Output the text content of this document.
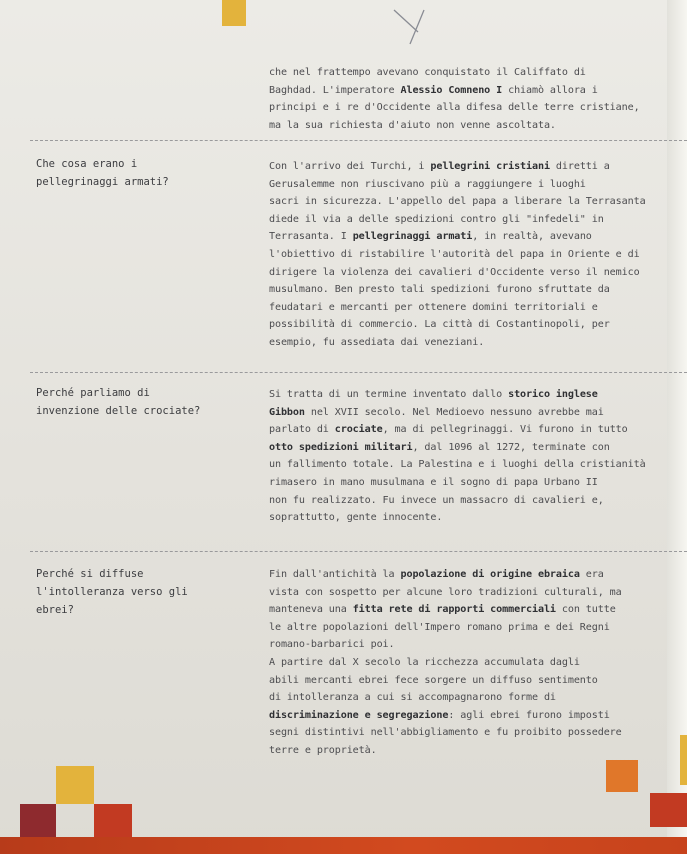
che nel frattempo avevano conquistato il Califfato di

Baghdad. L'imperatore Alessio Comneno I chiamò allora i

principi e i re d'Occidente alla difesa delle terre cristiane,

ma la sua richiesta d'aiuto non venne ascoltata.

Che cosa erano i
pellegrinaggi armati?

Con l'arrivo dei Turchi, i pellegrini cristiani diretti a

Gerusalemme non riuscivano più a raggiungere i luoghi

sacri in sicurezza. L'appello del papa a liberare la Terrasanta

diede il via a delle spedizioni contro gli "infedeli" in

Terrasanta. I pellegrinaggi armati, in realtà, avevano

l'obiettivo di ristabilire l'autorità del papa in Oriente e di

dirigere la violenza dei cavalieri d'Occidente verso il nemico

musulmano. Ben presto tali spedizioni furono sfruttate da

feudatari e mercanti per ottenere domini territoriali e

possibilità di commercio. La città di Costantinopoli, per

esempio, fu assediata dai veneziani.

Perché parliamo di
invenzione delle crociate?

Si tratta di un termine inventato dallo storico inglese

Gibbon nel XVII secolo. Nel Medioevo nessuno avrebbe mai

parlato di crociate, ma di pellegrinaggi. Vi furono in tutto

otto spedizioni militari, dal 1096 al 1272, terminate con

un fallimento totale. La Palestina e i luoghi della cristianità

rimasero in mano musulmana e il sogno di papa Urbano II

non fu realizzato. Fu invece un massacro di cavalieri e,

soprattutto, gente innocente.

Perché si diffuse
l'intolleranza verso gli
ebrei?

Fin dall'antichità la popolazione di origine ebraica era

vista con sospetto per alcune loro tradizioni culturali, ma

manteneva una fitta rete di rapporti commerciali con tutte

le altre popolazioni dell'Impero romano prima e dei Regni

romano-barbarici poi.

A partire dal X secolo la ricchezza accumulata dagli

abili mercanti ebrei fece sorgere un diffuso sentimento

di intolleranza a cui si accompagnarono forme di

discriminazione e segregazione: agli ebrei furono imposti

segni distintivi nell'abbigliamento e fu proibito possedere

terre e proprietà.
